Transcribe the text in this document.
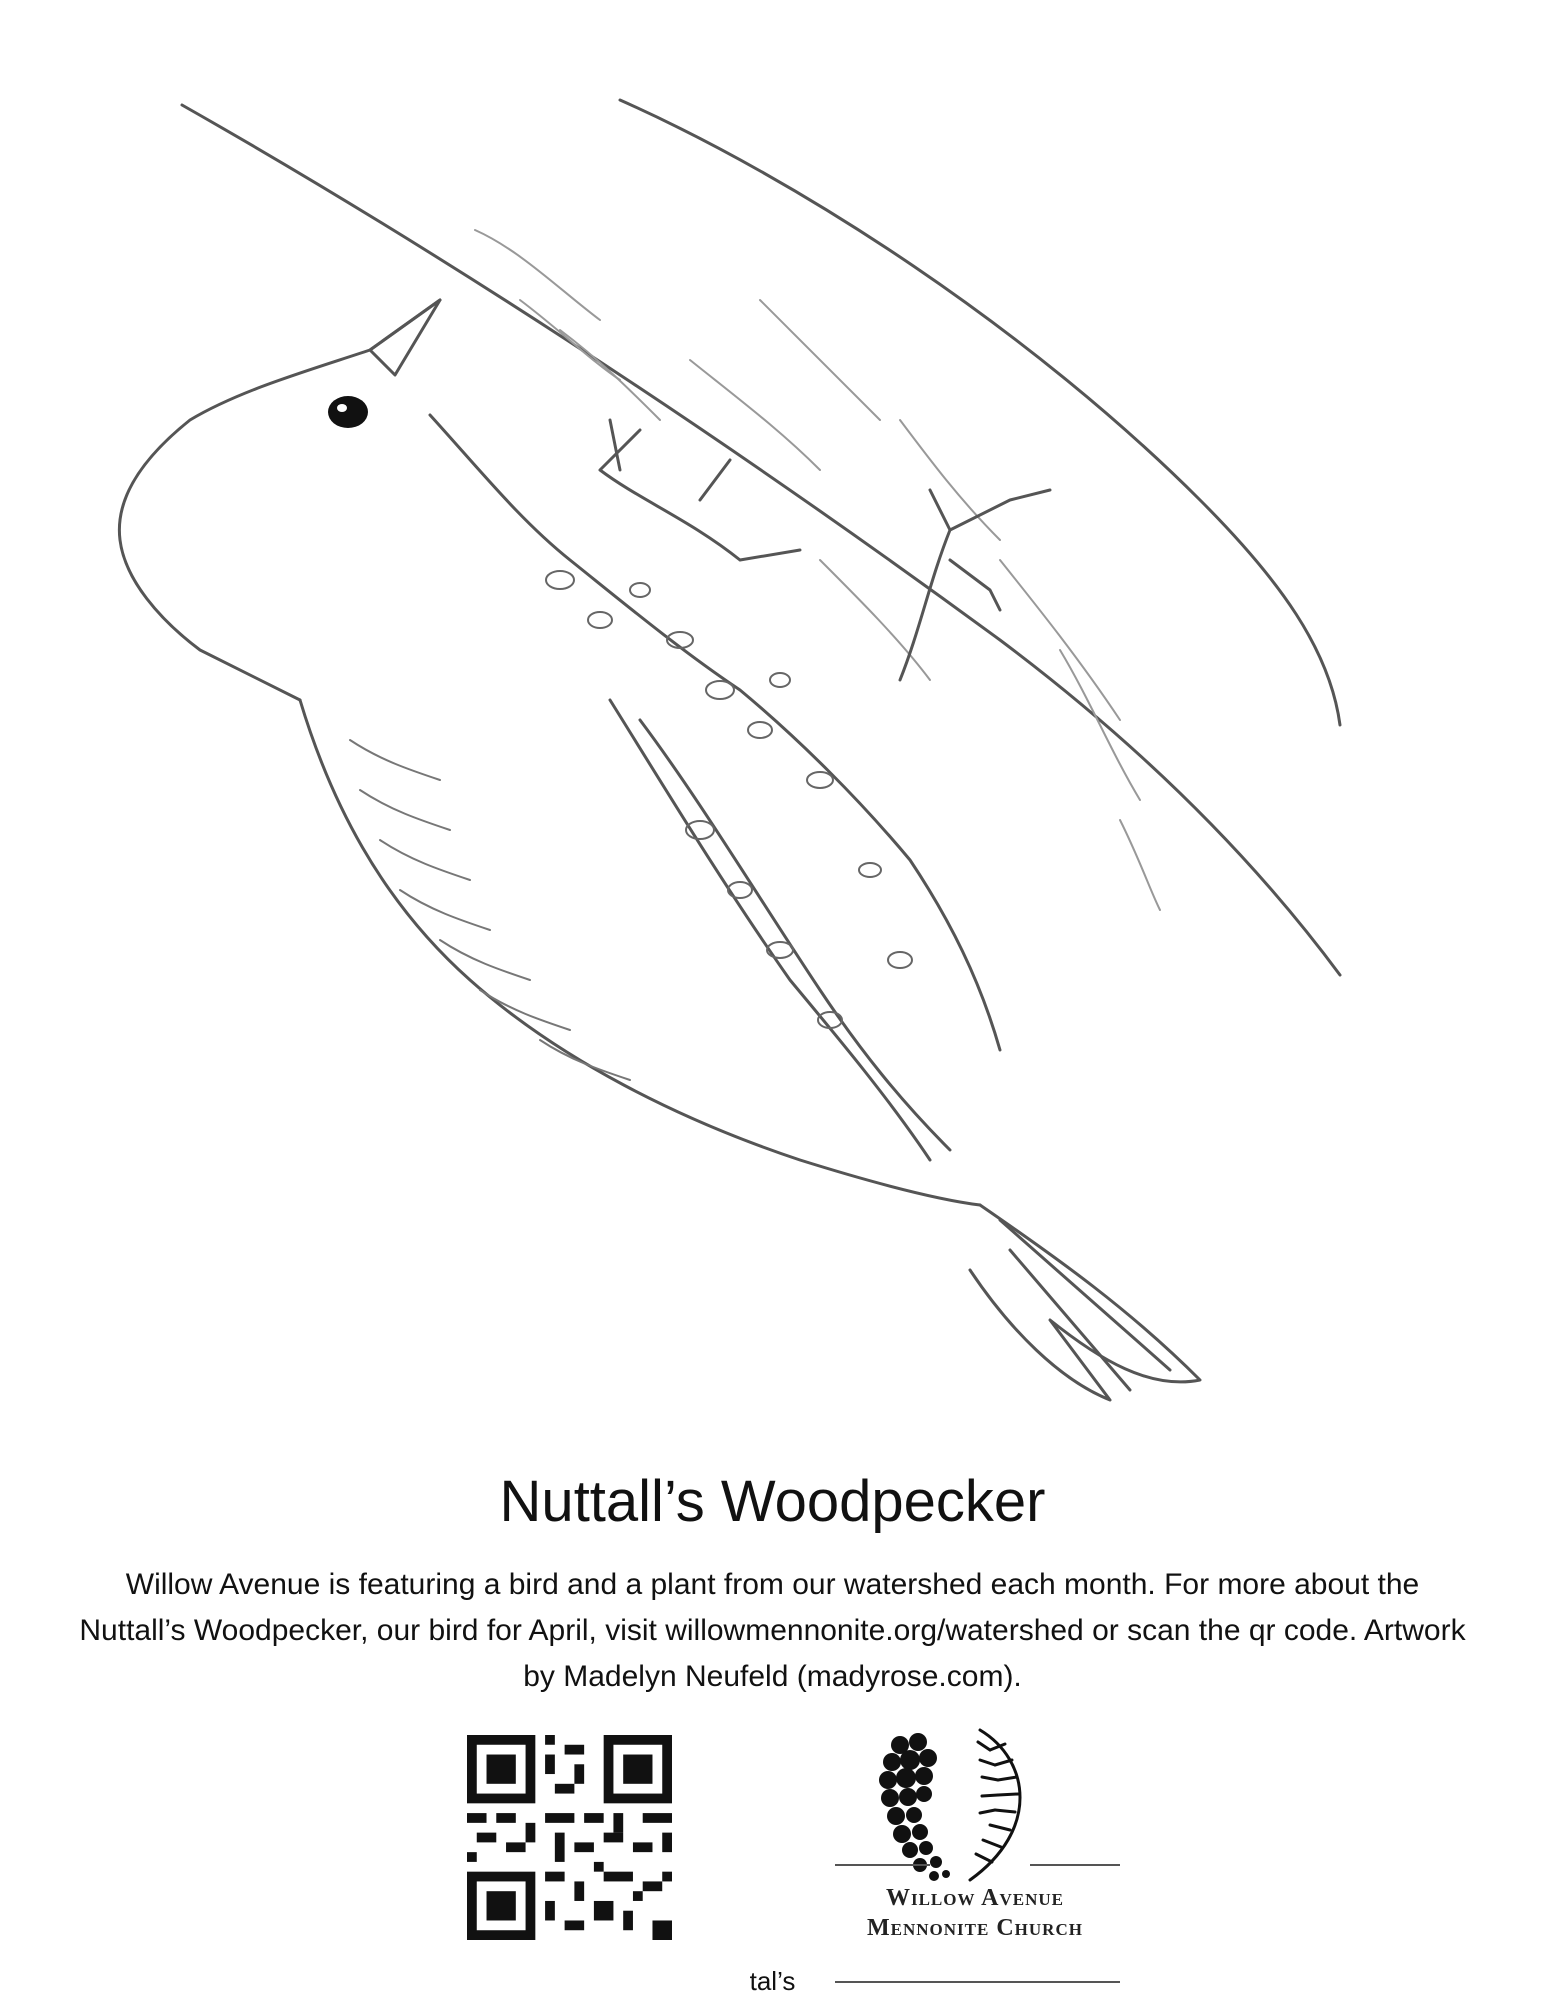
Nuttall’s Woodpecker
Willow Avenue is featuring a bird and a plant from our watershed each month. For more about the Nuttall’s Woodpecker, our bird for April, visit willowmennonite.org/watershed or scan the qr code. Artwork by Madelyn Neufeld (madyrose.com).
Willow Avenue
Mennonite Church
tal’s
